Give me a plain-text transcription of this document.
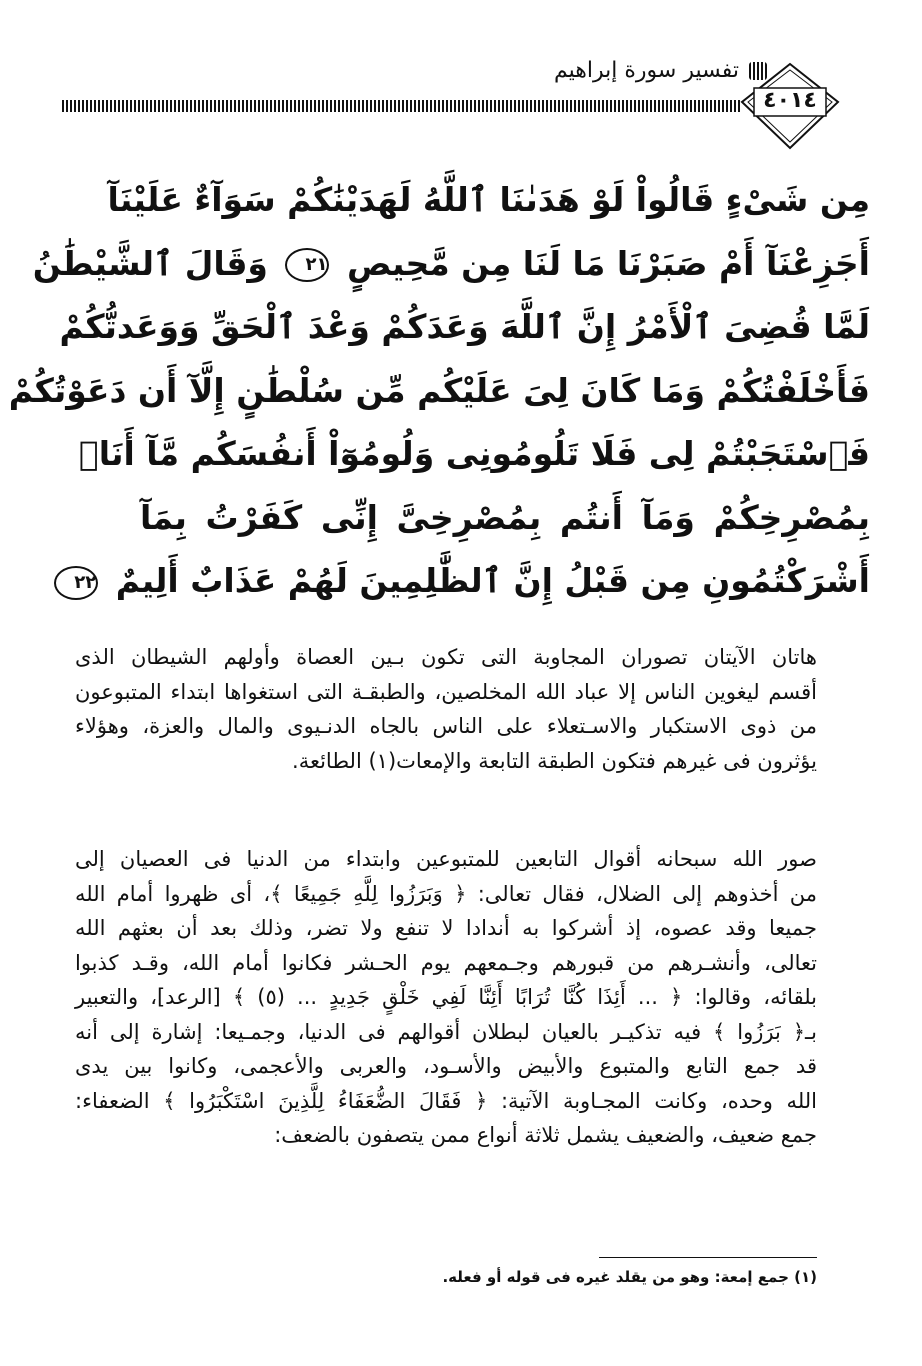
تفسير سورة إبراهيم
٤٠١٤
مِن شَىْءٍ قَالُواْ لَوْ هَدَىٰنَا ٱللَّهُ لَهَدَيْنَٰكُمْ سَوَآءٌ عَلَيْنَآ
أَجَزِعْنَآ أَمْ صَبَرْنَا مَا لَنَا مِن مَّحِيصٍ ٢١ وَقَالَ ٱلشَّيْطَٰنُ
لَمَّا قُضِىَ ٱلْأَمْرُ إِنَّ ٱللَّهَ وَعَدَكُمْ وَعْدَ ٱلْحَقِّ وَوَعَدتُّكُمْ
فَأَخْلَفْتُكُمْ وَمَا كَانَ لِىَ عَلَيْكُم مِّن سُلْطَٰنٍ إِلَّآ أَن دَعَوْتُكُمْ
فَٱسْتَجَبْتُمْ لِى فَلَا تَلُومُونِى وَلُومُوٓاْ أَنفُسَكُم مَّآ أَنَا۠
بِمُصْرِخِكُمْ وَمَآ أَنتُم بِمُصْرِخِىَّ إِنِّى كَفَرْتُ بِمَآ
أَشْرَكْتُمُونِ مِن قَبْلُ إِنَّ ٱلظَّٰلِمِينَ لَهُمْ عَذَابٌ أَلِيمٌ ٢٢
هاتان الآيتان تصوران المجاوبة التى تكون بـين العصاة وأولهم الشيطان الذى
أقسم ليغوين الناس إلا عباد الله المخلصين، والطبقـة التى استغواها ابتداء المتبوعون
من ذوى الاستكبار والاسـتعلاء على الناس بالجاه الدنـيوى والمال والعزة، وهؤلاء
يؤثرون فى غيرهم فتكون الطبقة التابعة والإمعات(١) الطائعة.
صور الله سبحانه أقوال التابعين للمتبوعين وابتداء من الدنيا فى العصيان إلى
من أخذوهم إلى الضلال، فقال تعالى: ﴿ وَبَرَزُوا لِلَّهِ جَمِيعًا ﴾، أى ظهروا أمام الله
جميعا وقد عصوه، إذ أشركوا به أندادا لا تنفع ولا تضر، وذلك بعد أن بعثهم الله
تعالى، وأنشـرهم من قبورهم وجـمعهم يوم الحـشر فكانوا أمام الله، وقـد كذبوا
بلقائه، وقالوا: ﴿ ... أَئِذَا كُنَّا تُرَابًا أَئِنَّا لَفِي خَلْقٍ جَدِيدٍ ... (٥) ﴾ [الرعد]، والتعبير
بـ﴿ بَرَزُوا ﴾ فيه تذكيـر بالعيان لبطلان أقوالهم فى الدنيا، وجمـيعا: إشارة إلى أنه
قد جمع التابع والمتبوع والأبيض والأسـود، والعربى والأعجمى، وكانوا بين يدى
الله وحده، وكانت المجـاوبة الآتية: ﴿ فَقَالَ الضُّعَفَاءُ لِلَّذِينَ اسْتَكْبَرُوا ﴾ الضعفاء:
جمع ضعيف، والضعيف يشمل ثلاثة أنواع ممن يتصفون بالضعف:
(١) جمع إمعة: وهو من يقلد غيره فى قوله أو فعله.
